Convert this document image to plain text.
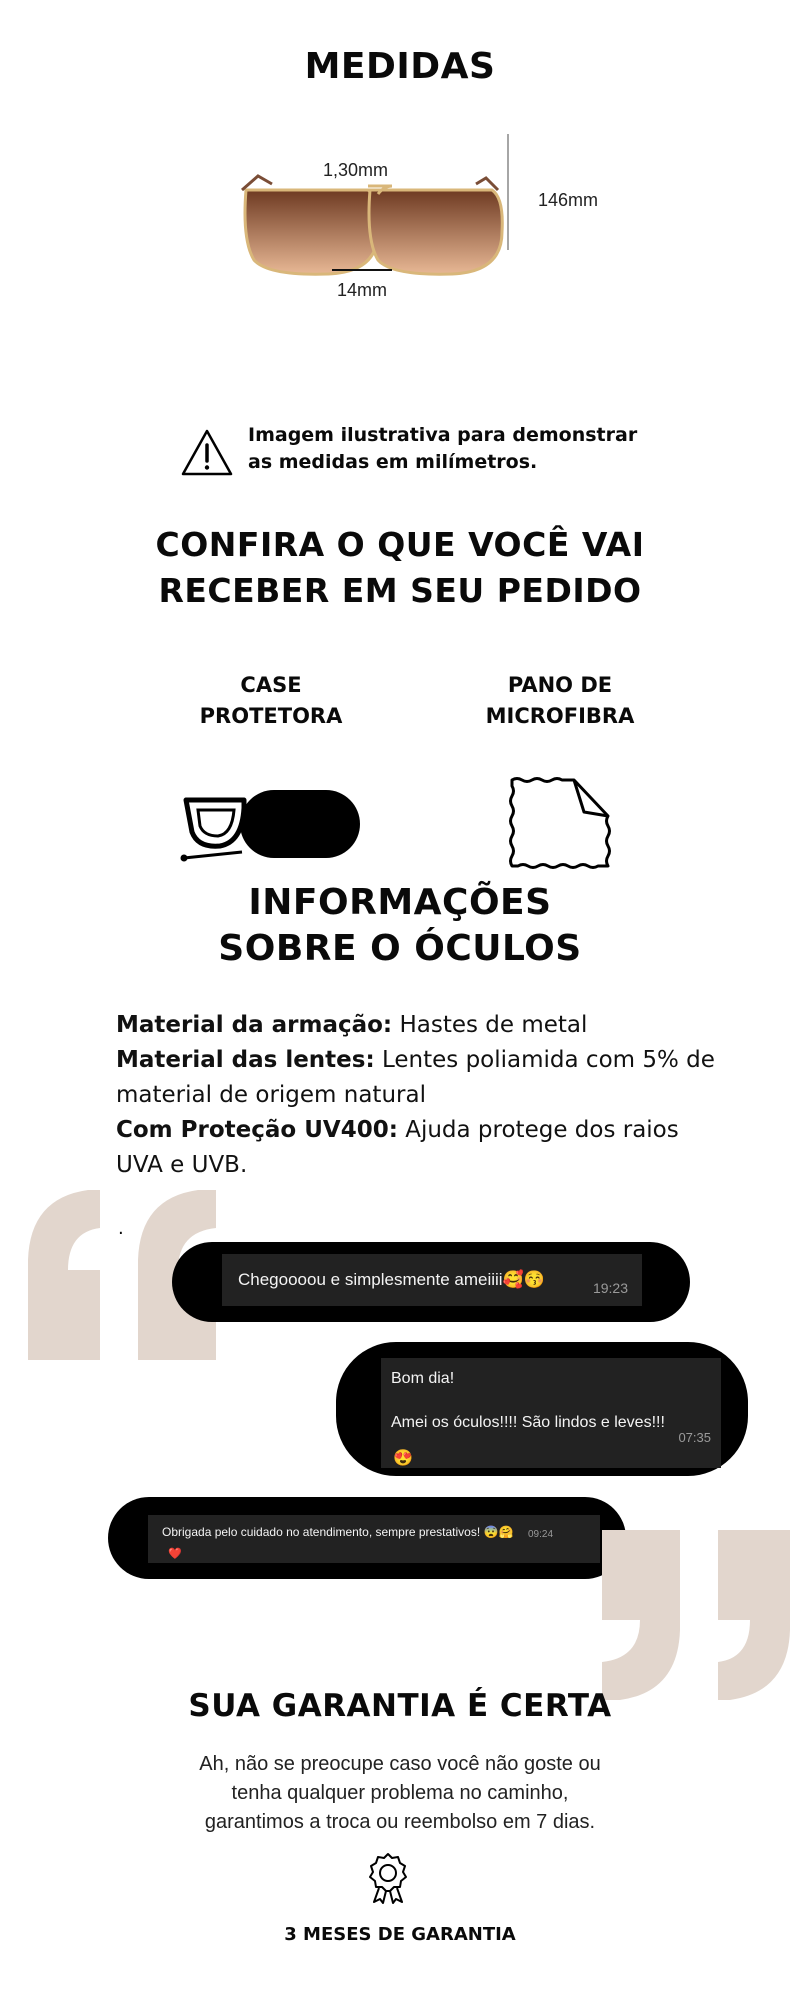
MEDIDAS
1,30mm
146mm
14mm
Imagem ilustrativa para demonstrar
as medidas em milímetros.
CONFIRA O QUE VOCÊ VAI
RECEBER EM SEU PEDIDO
CASE
PROTETORA
PANO DE
MICROFIBRA
INFORMAÇÕES
SOBRE O ÓCULOS
Material da armação: Hastes de metal
Material das lentes: Lentes poliamida com 5% de material de origem natural
Com Proteção UV400: Ajuda protege dos raios UVA e UVB.
.
Chegoooou e simplesmente ameiiii🥰😚	19:23
Bom dia!
Amei os óculos!!!! São lindos e leves!!!
07:35
😍
Obrigada pelo cuidado no atendimento, sempre prestativos! 😨🤗 09:24
❤️
SUA GARANTIA É CERTA
Ah, não se preocupe caso você não goste ou
tenha qualquer problema no caminho,
garantimos a troca ou reembolso em 7 dias.
3 MESES DE GARANTIA
